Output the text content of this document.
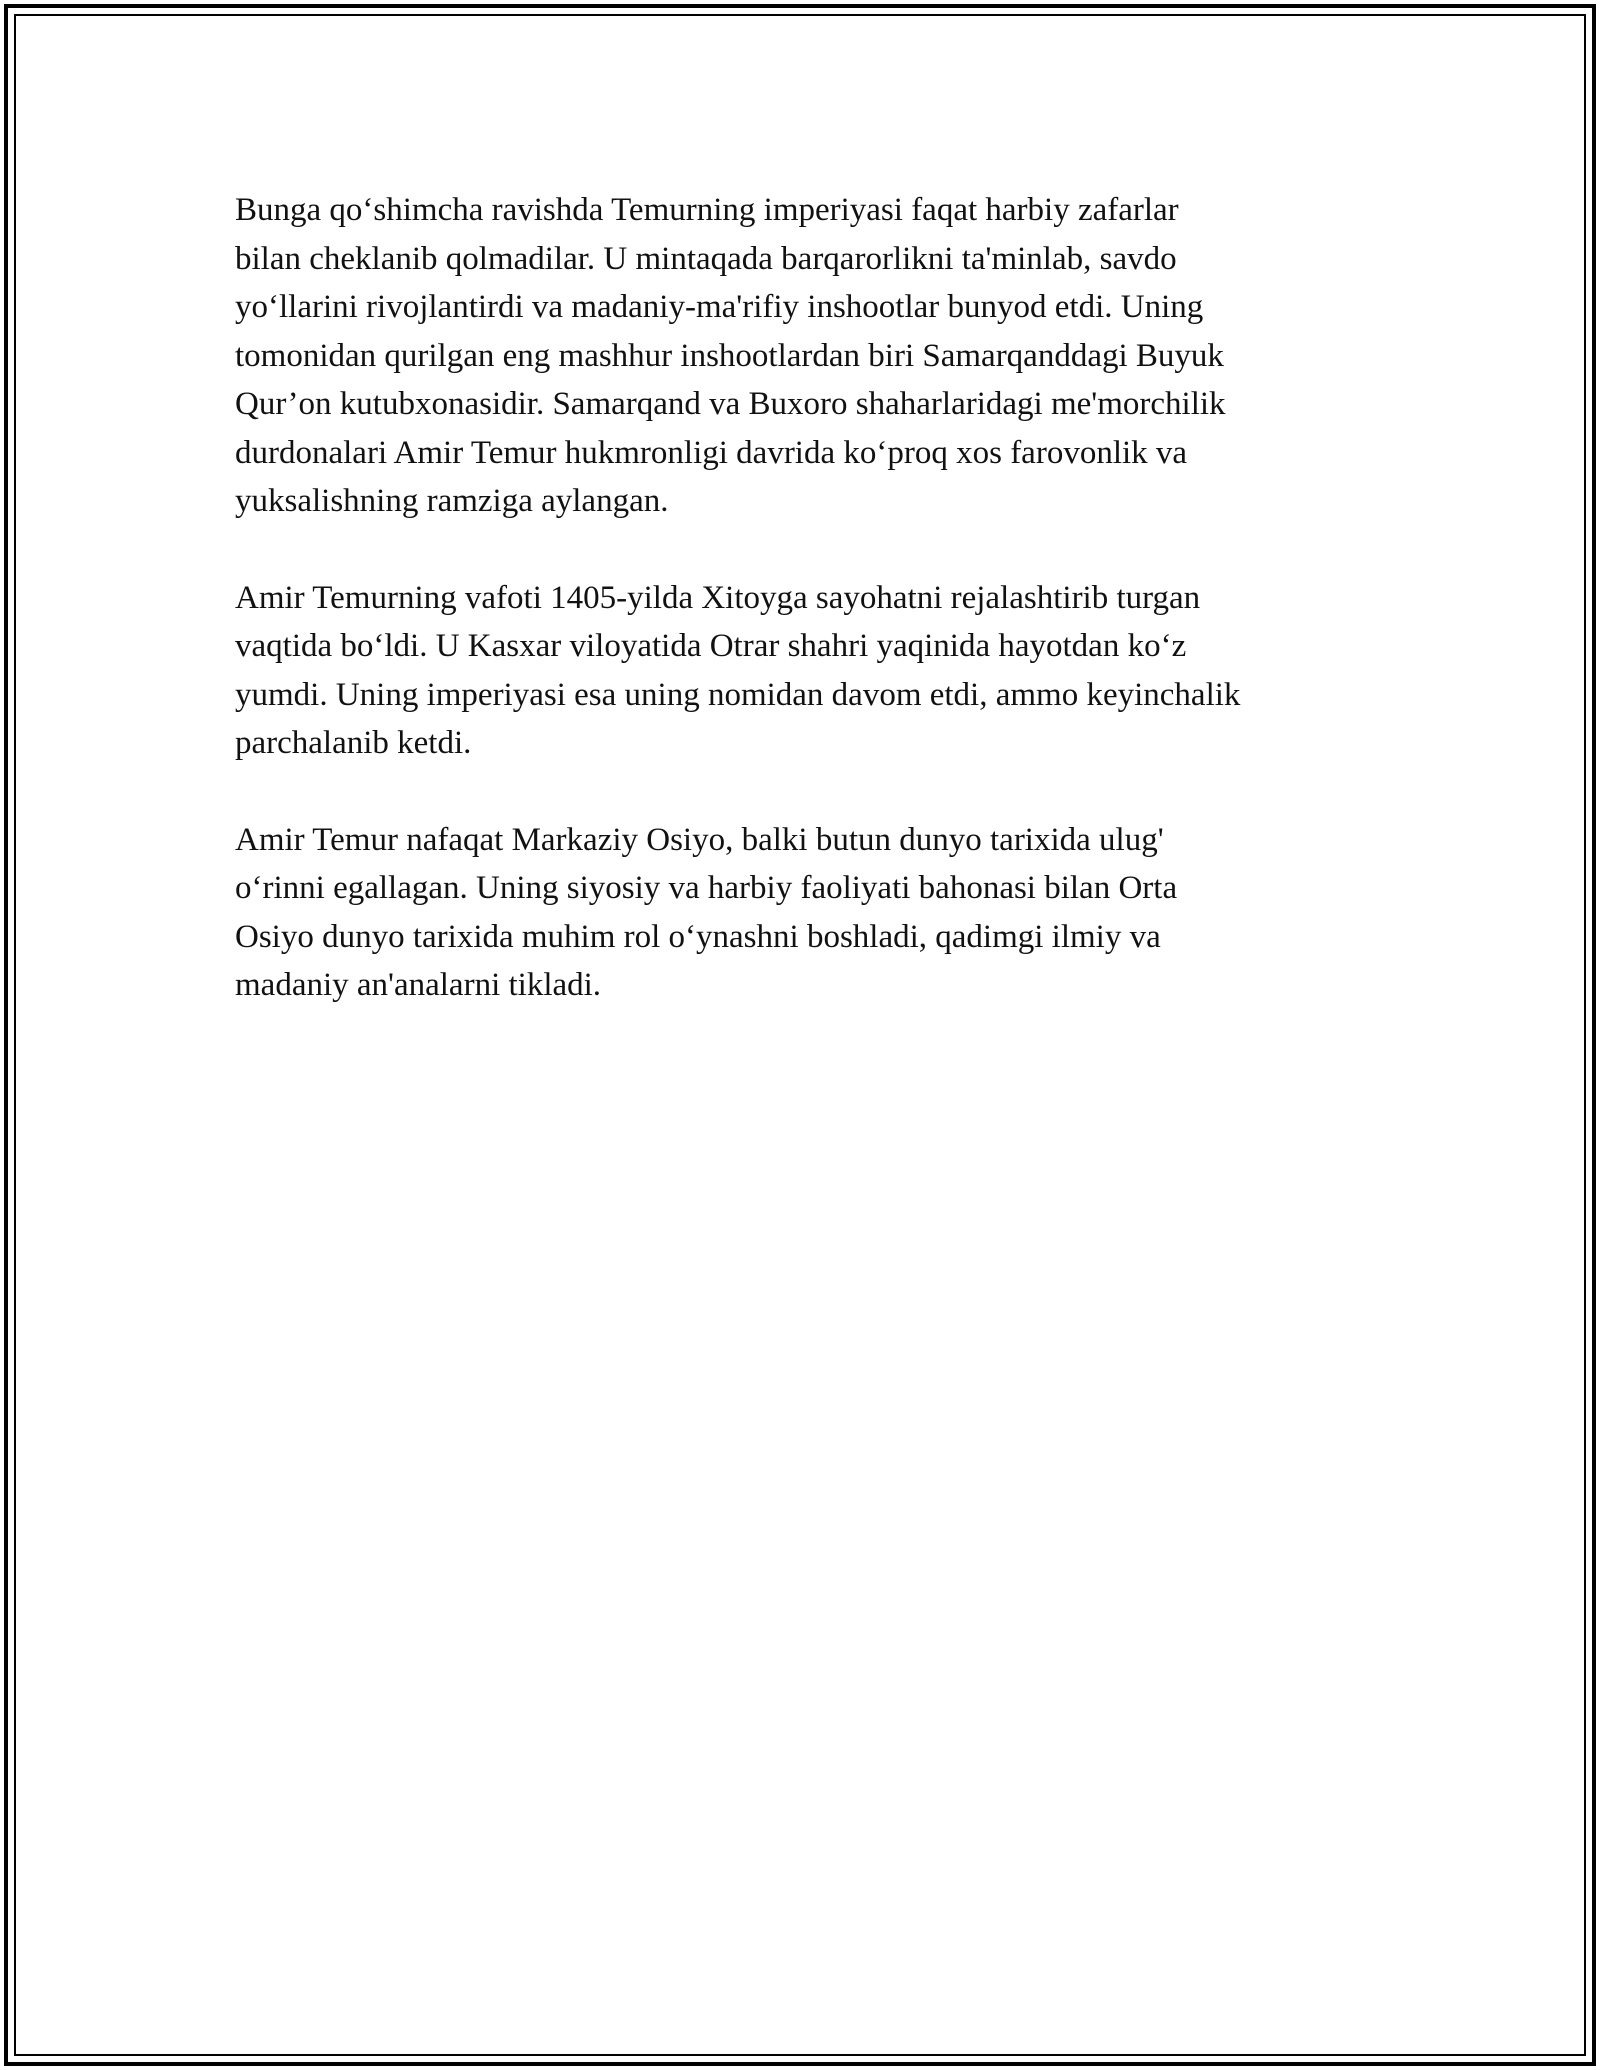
Bunga qo‘shimcha ravishda Temurning imperiyasi faqat harbiy zafarlar
bilan cheklanib qolmadilar. U mintaqada barqarorlikni ta'minlab, savdo
yo‘llarini rivojlantirdi va madaniy-ma'rifiy inshootlar bunyod etdi. Uning
tomonidan qurilgan eng mashhur inshootlardan biri Samarqanddagi Buyuk
Qur’on kutubxonasidir. Samarqand va Buxoro shaharlaridagi me'morchilik
durdonalari Amir Temur hukmronligi davrida ko‘proq xos farovonlik va
yuksalishning ramziga aylangan.

Amir Temurning vafoti 1405-yilda Xitoyga sayohatni rejalashtirib turgan
vaqtida bo‘ldi. U Kasxar viloyatida Otrar shahri yaqinida hayotdan ko‘z
yumdi. Uning imperiyasi esa uning nomidan davom etdi, ammo keyinchalik
parchalanib ketdi.

Amir Temur nafaqat Markaziy Osiyo, balki butun dunyo tarixida ulug'
o‘rinni egallagan. Uning siyosiy va harbiy faoliyati bahonasi bilan Orta
Osiyo dunyo tarixida muhim rol o‘ynashni boshladi, qadimgi ilmiy va
madaniy an'analarni tikladi.
